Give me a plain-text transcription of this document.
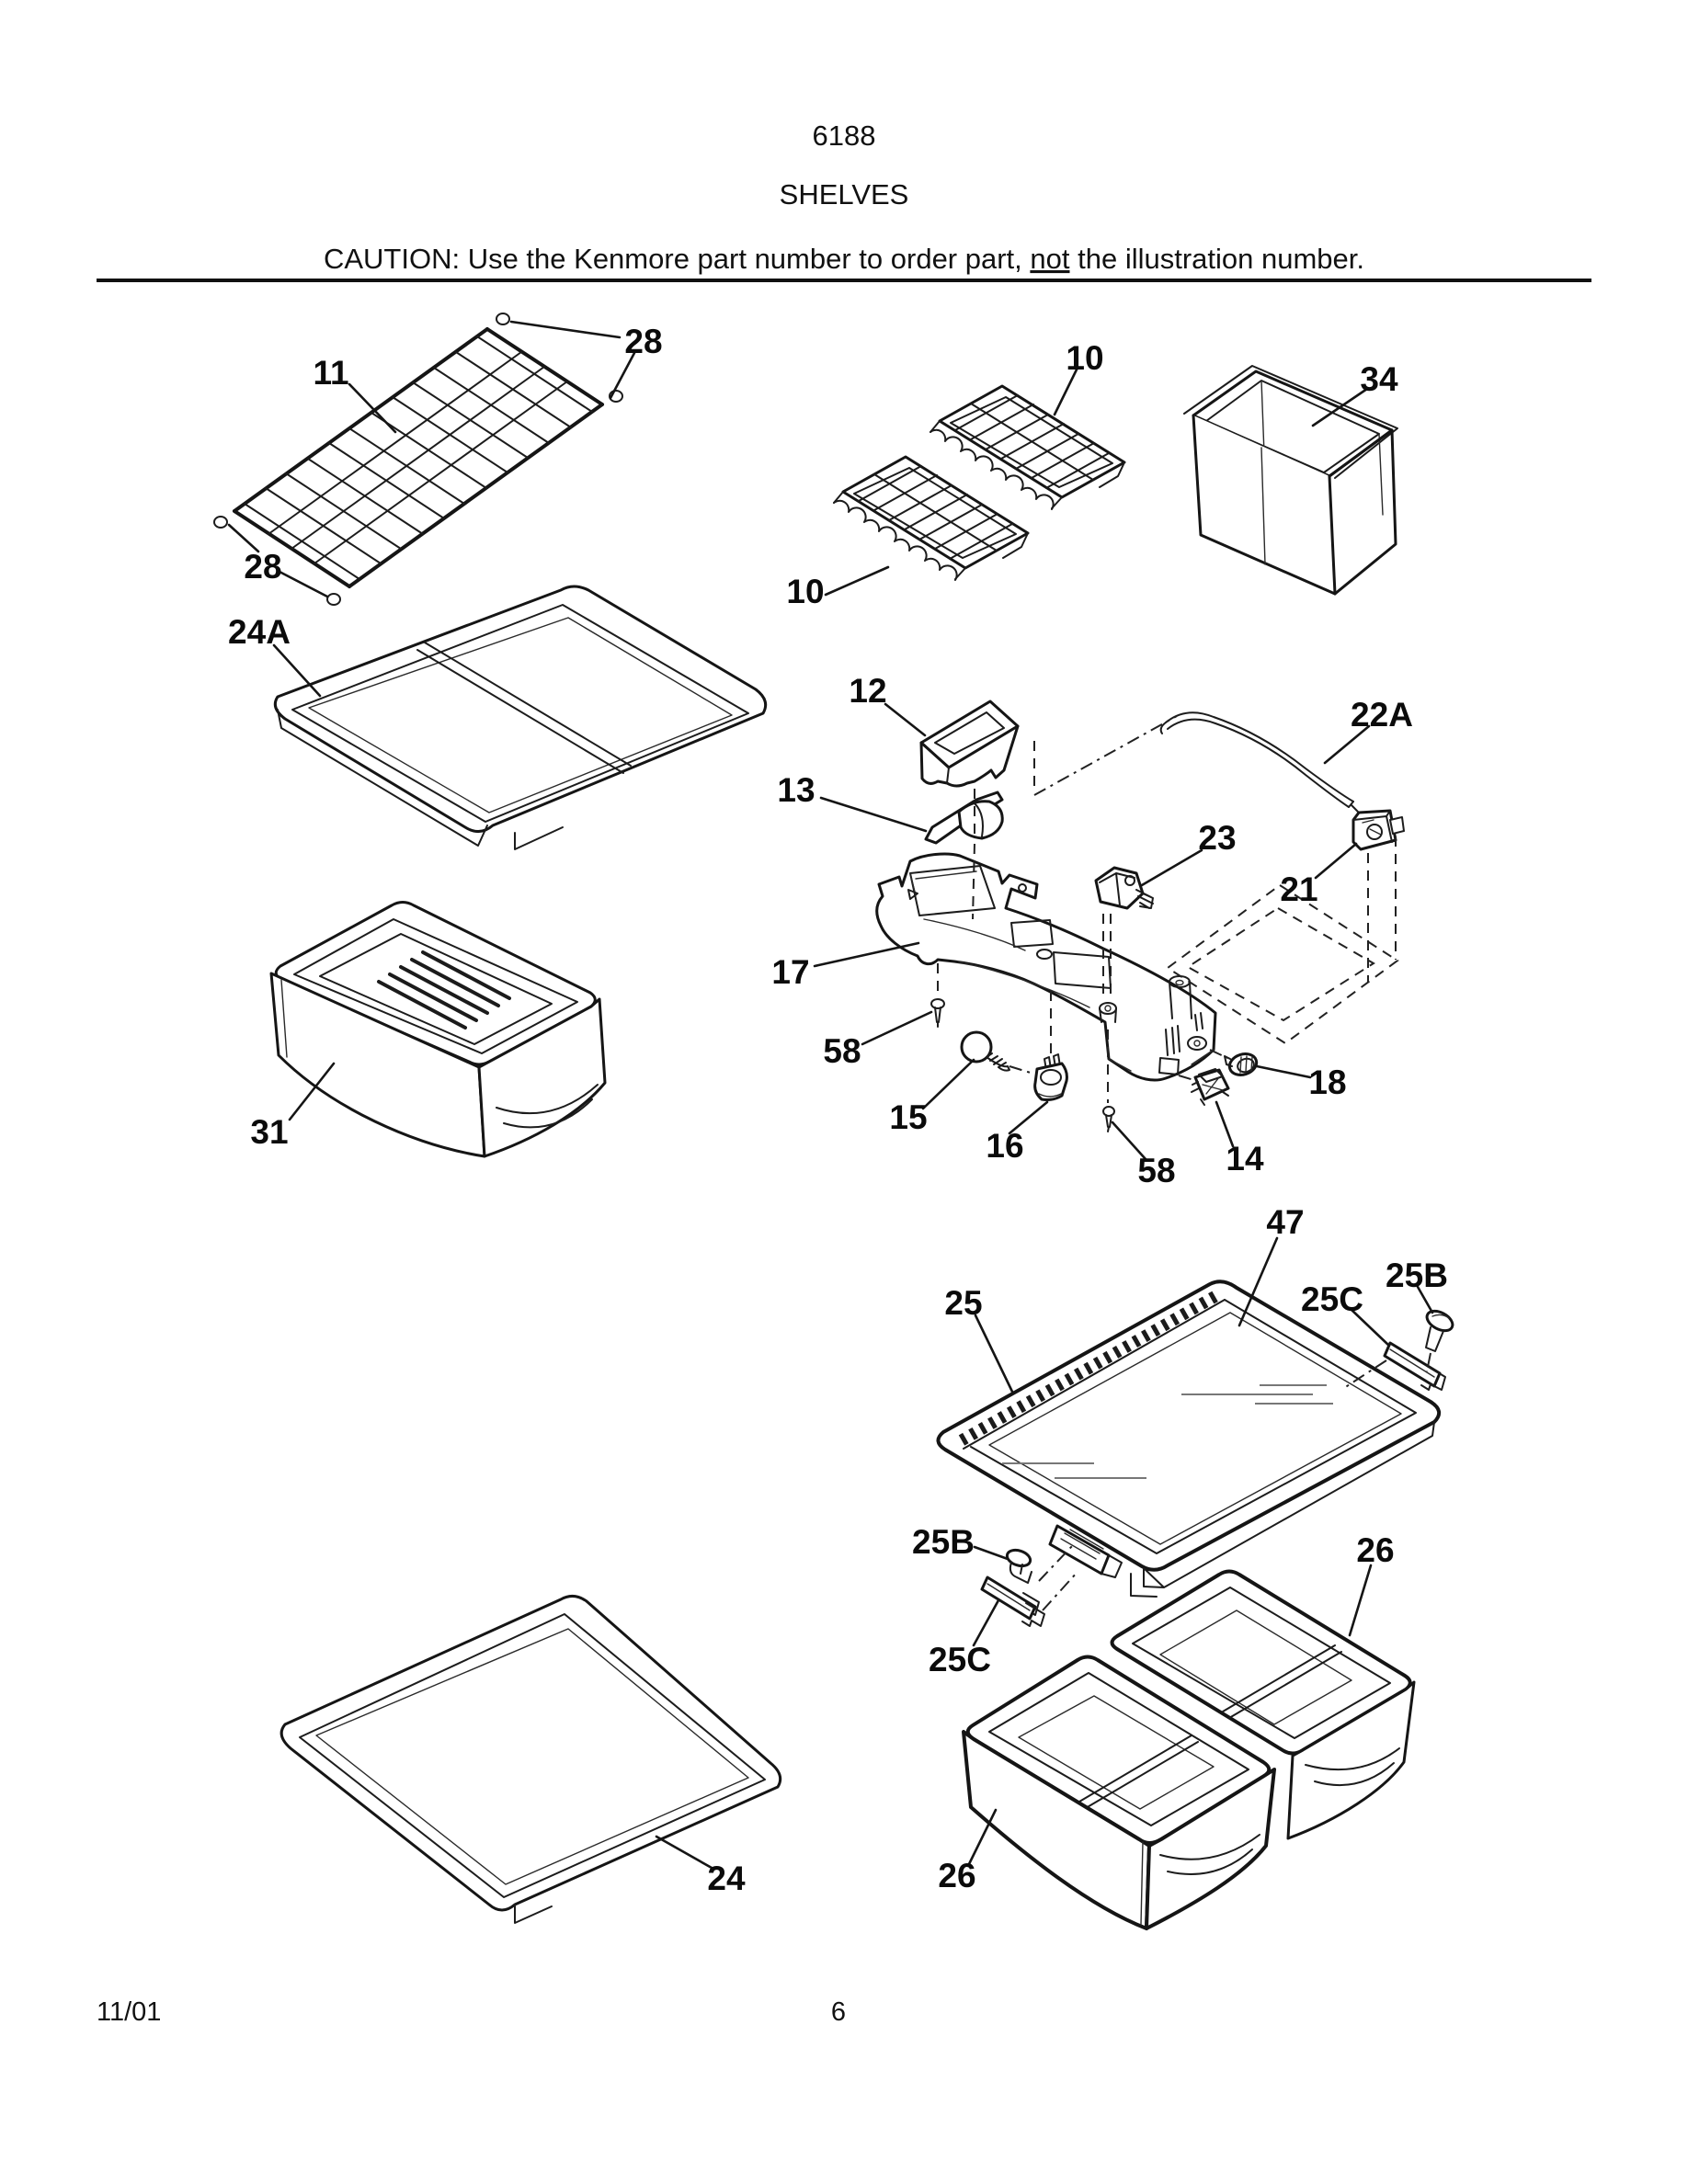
6188
SHELVES
CAUTION: Use the Kenmore part number to order part, not the illustration number.
28
11	10
34
10
28
24A
12
22A
13
23
21
17
58
18
15
16
58 14
47
25	25C
25B
25B	26
25C
24	26
31
11/01	6
